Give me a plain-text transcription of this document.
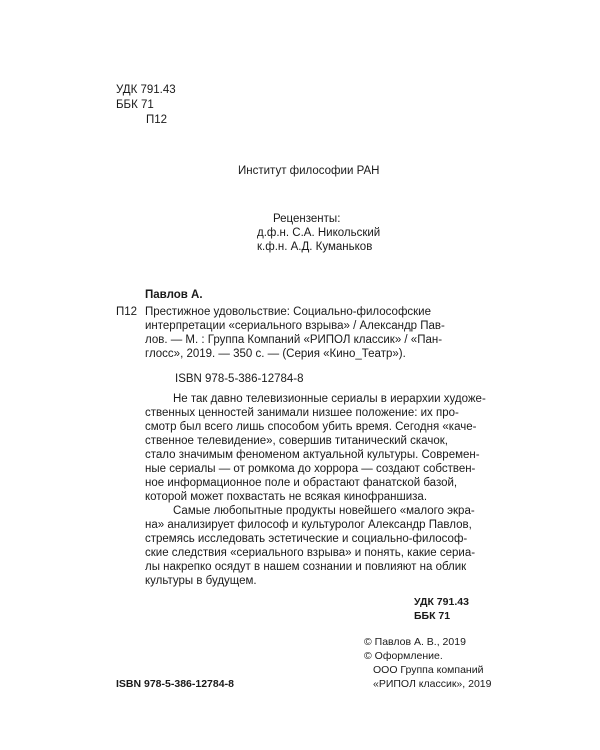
УДК 791.43
ББК 71
П12
Институт философии РАН
Рецензенты:
д.ф.н. С.А. Никольский
к.ф.н. А.Д. Куманьков
Павлов А.
П12 Престижное удовольствие: Социально-философские
интерпретации «сериального взрыва» / Александр Пав-
лов. — М. : Группа Компаний «РИПОЛ классик» / «Пан-
глосс», 2019. — 350 с. — (Серия «Кино_Театр»).
ISBN 978-5-386-12784-8
Не так давно телевизионные сериалы в иерархии художе-
ственных ценностей занимали низшее положение: их про-
смотр был всего лишь способом убить время. Сегодня «каче-
ственное телевидение», совершив титанический скачок,
стало значимым феноменом актуальной культуры. Современ-
ные сериалы — от ромкома до хоррора — создают собствен-
ное информационное поле и обрастают фанатской базой,
которой может похвастать не всякая кинофраншиза.
Самые любопытные продукты новейшего «малого экра-
на» анализирует философ и культуролог Александр Павлов,
стремясь исследовать эстетические и социально-философ-
ские следствия «сериального взрыва» и понять, какие сериа-
лы накрепко осядут в нашем сознании и повлияют на облик
культуры в будущем.
УДК 791.43
ББК 71
© Павлов А. В., 2019
© Оформление.
ООО Группа компаний
«РИПОЛ классик», 2019
ISBN 978-5-386-12784-8
